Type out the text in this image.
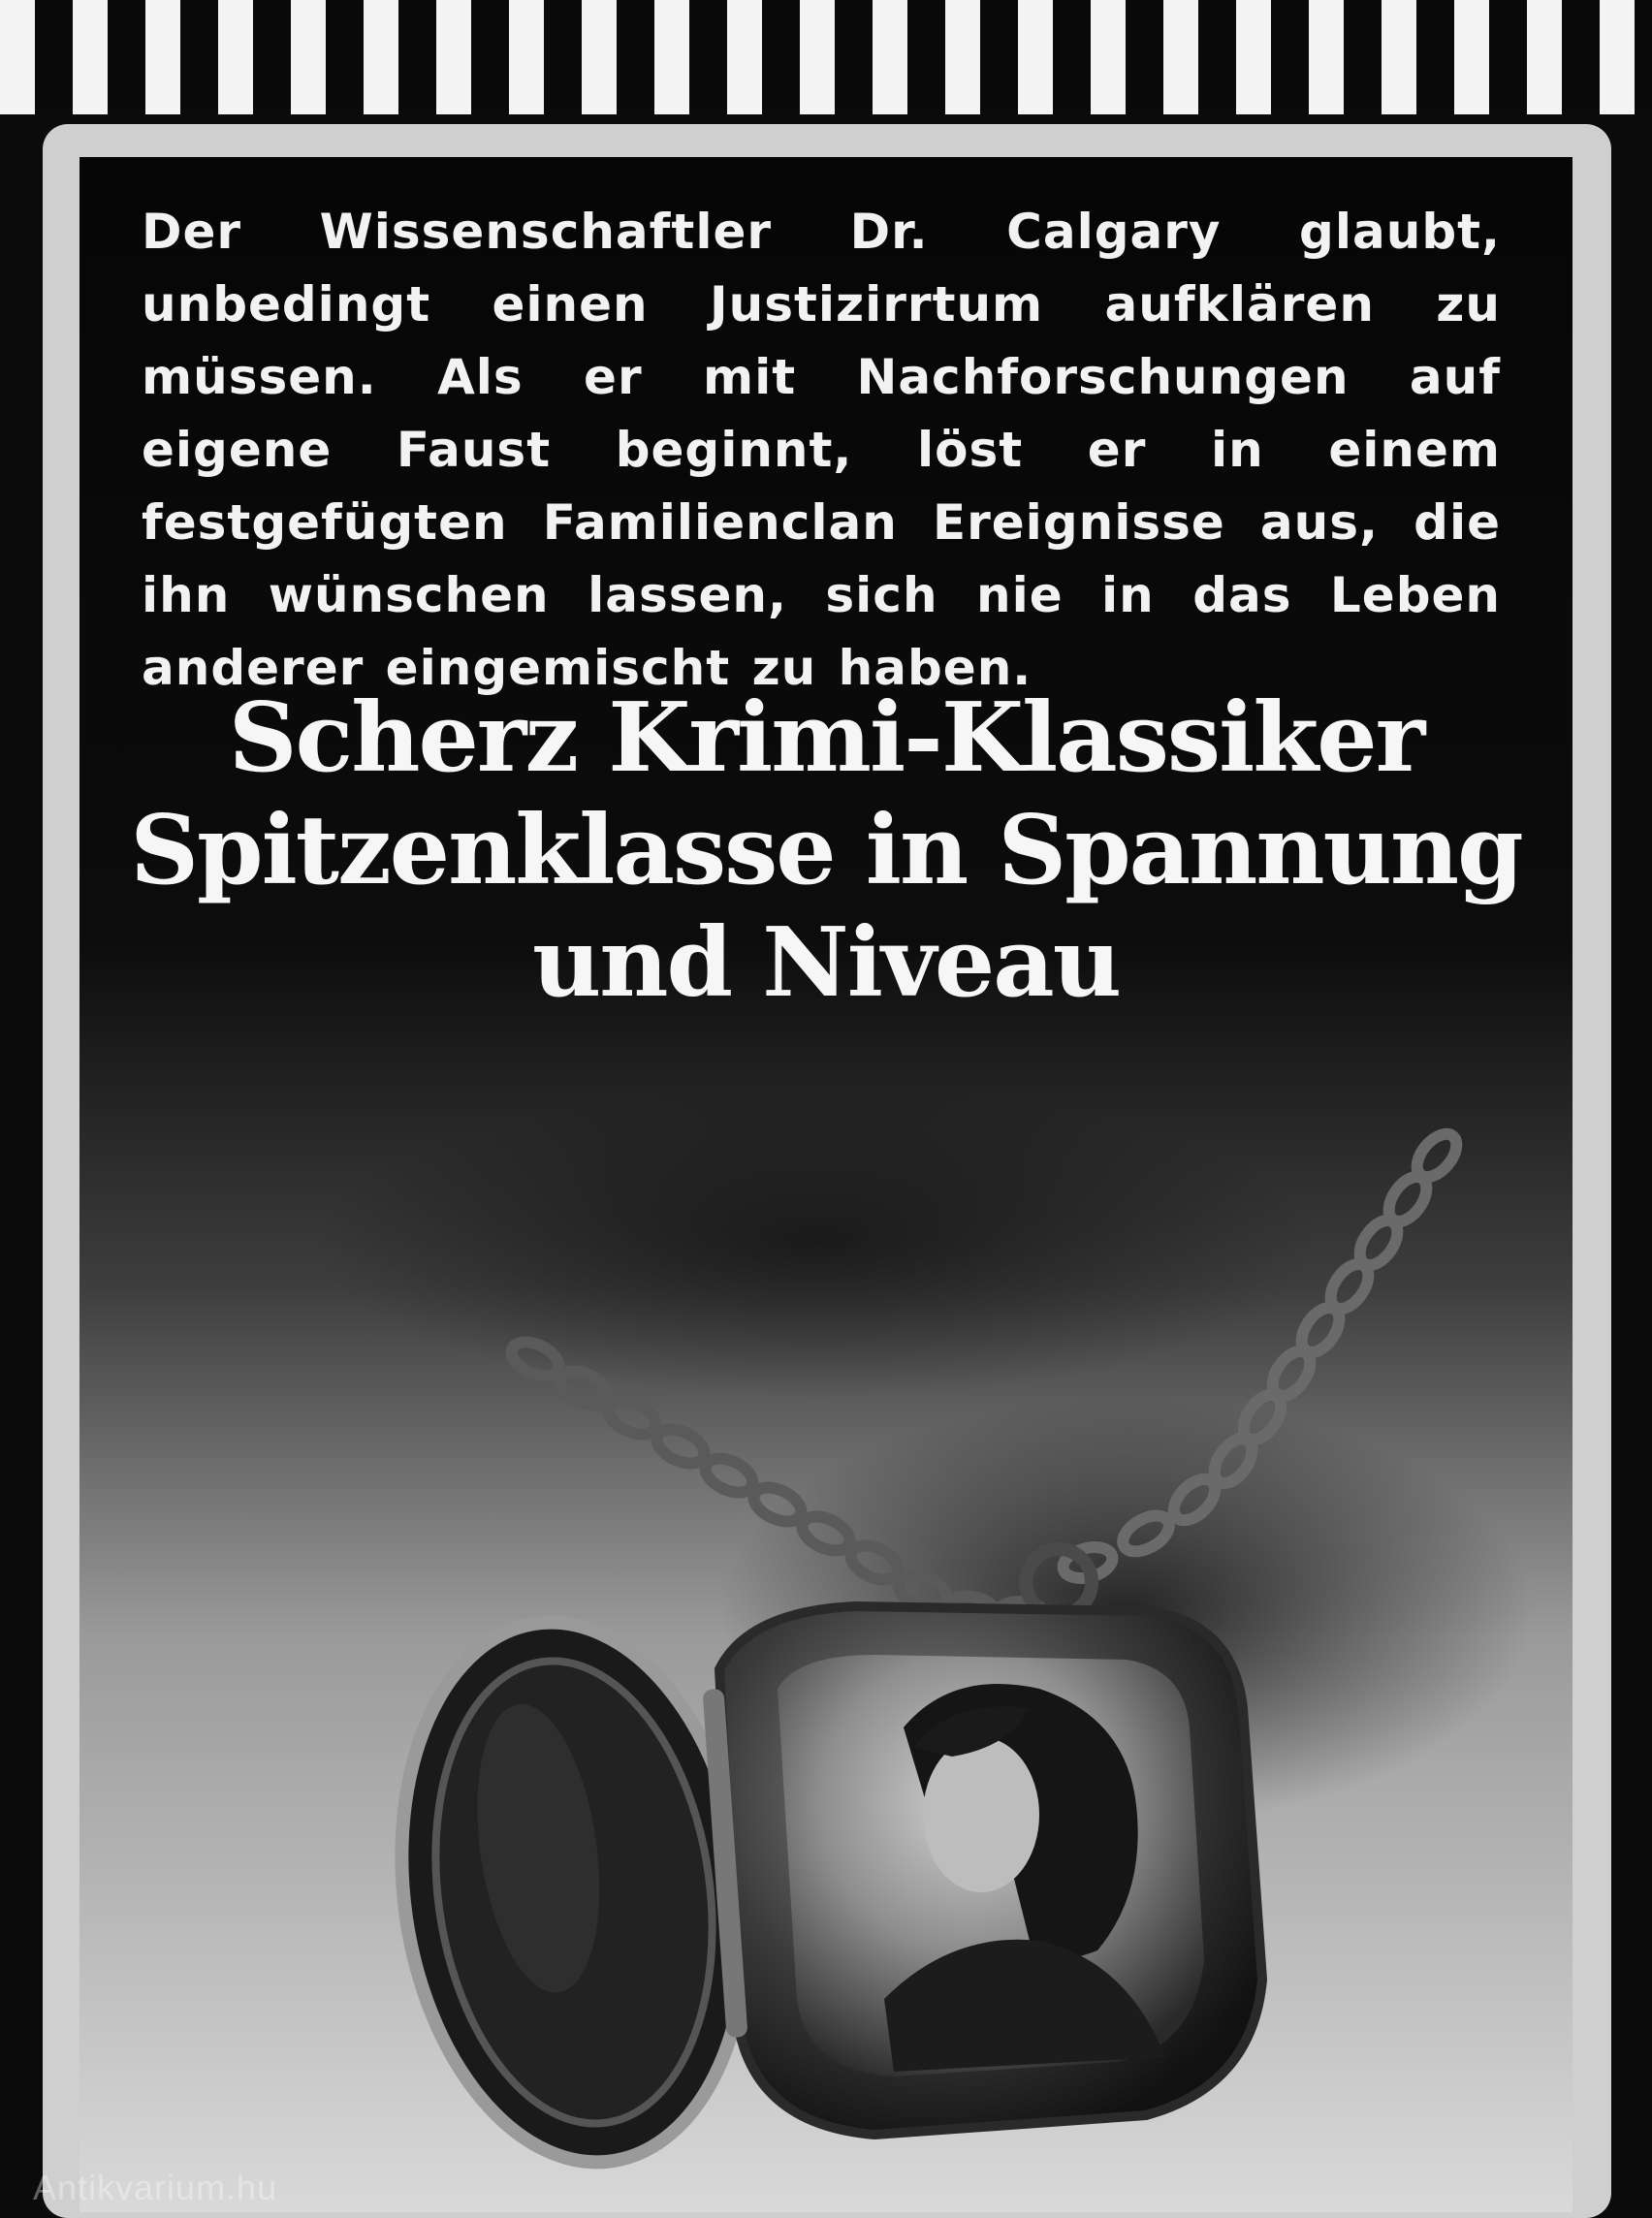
Der Wissenschaftler Dr. Calgary glaubt, unbedingt einen Justizirrtum aufklären zu müssen. Als er mit Nachforschungen auf eigene Faust beginnt, löst er in einem festgefügten Familienclan Ereignisse aus, die ihn wünschen lassen, sich nie in das Leben anderer eingemischt zu haben.

Scherz Krimi-Klassiker
Spitzenklasse in Spannung
und Niveau
Antikvarium.hu
